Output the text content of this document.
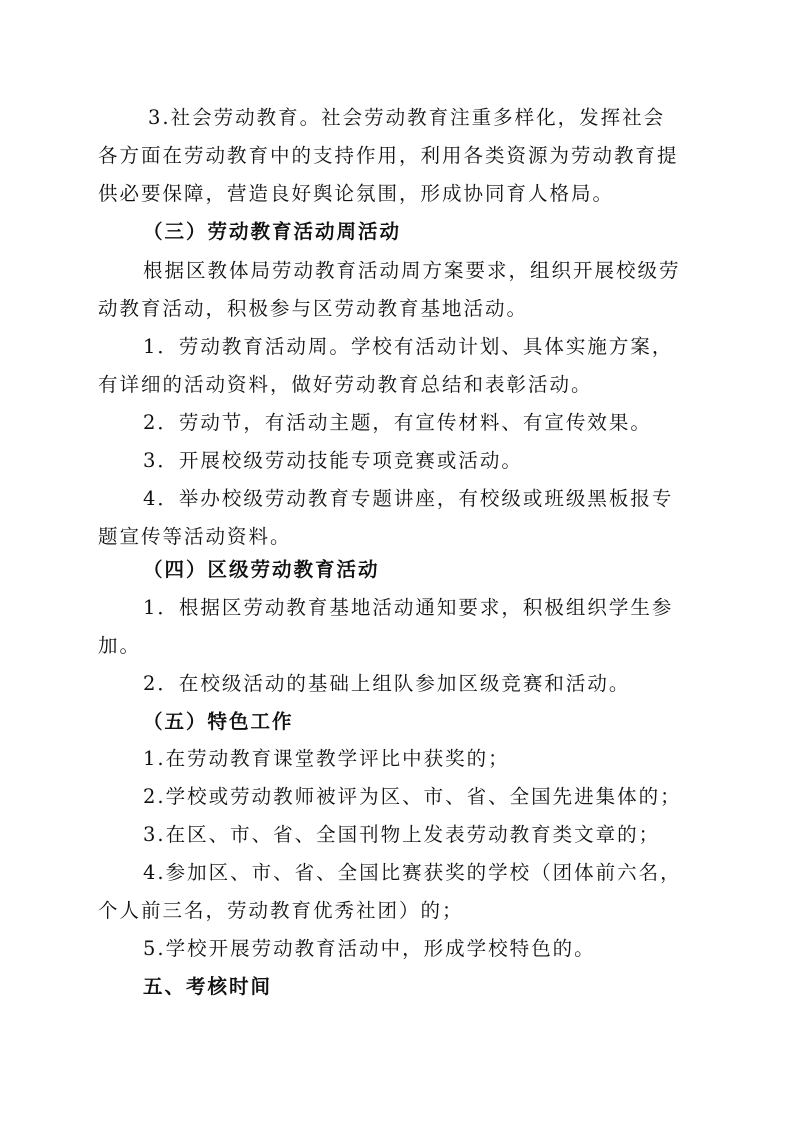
3.社会劳动教育。社会劳动教育注重多样化，发挥社会
各方面在劳动教育中的支持作用，利用各类资源为劳动教育提
供必要保障，营造良好舆论氛围，形成协同育人格局。
（三）劳动教育活动周活动
根据区教体局劳动教育活动周方案要求，组织开展校级劳
动教育活动，积极参与区劳动教育基地活动。
1．劳动教育活动周。学校有活动计划、具体实施方案，
有详细的活动资料，做好劳动教育总结和表彰活动。
2．劳动节，有活动主题，有宣传材料、有宣传效果。
3．开展校级劳动技能专项竞赛或活动。
4．举办校级劳动教育专题讲座，有校级或班级黑板报专
题宣传等活动资料。
（四）区级劳动教育活动
1．根据区劳动教育基地活动通知要求，积极组织学生参
加。
2．在校级活动的基础上组队参加区级竞赛和活动。
（五）特色工作
1.在劳动教育课堂教学评比中获奖的；
2.学校或劳动教师被评为区、市、省、全国先进集体的；
3.在区、市、省、全国刊物上发表劳动教育类文章的；
4.参加区、市、省、全国比赛获奖的学校（团体前六名，
个人前三名，劳动教育优秀社团）的；
5.学校开展劳动教育活动中，形成学校特色的。
五、考核时间
